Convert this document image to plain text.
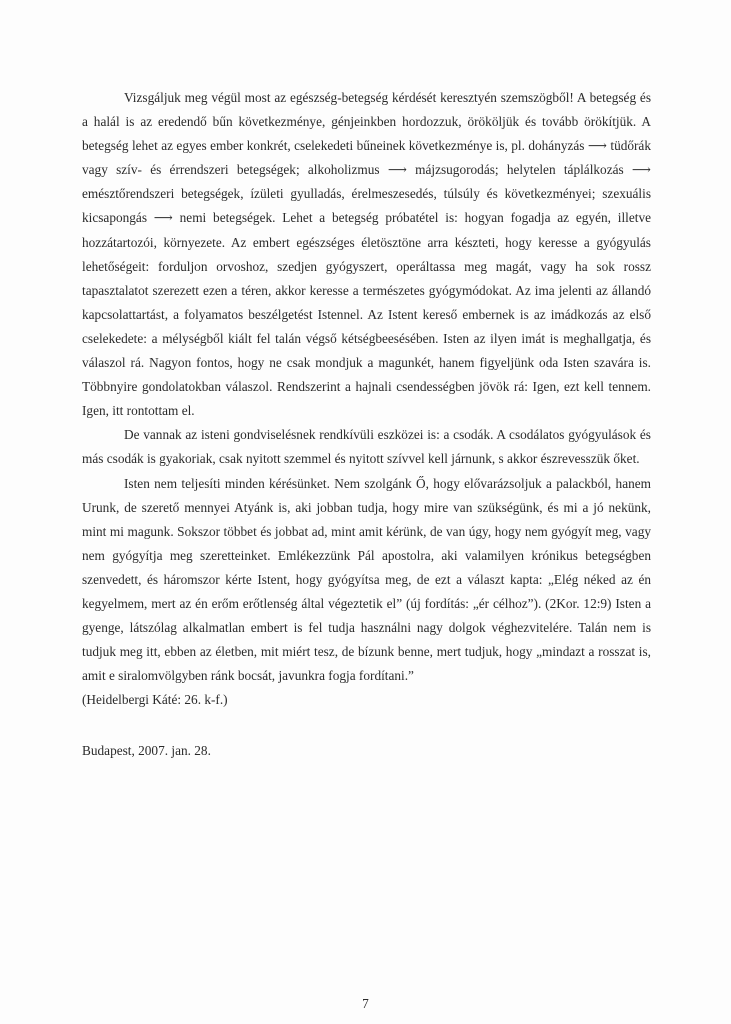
Vizsgáljuk meg végül most az egészség-betegség kérdését keresztyén szemszögből! A betegség és a halál is az eredendő bűn következménye, génjeinkben hordozzuk, örököljük és tovább örökítjük. A betegség lehet az egyes ember konkrét, cselekedeti bűneinek következménye is, pl. dohányzás ⟶ tüdőrák vagy szív- és érrendszeri betegségek; alkoholizmus ⟶ májzsugorodás; helytelen táplálkozás ⟶ emésztőrendszeri betegségek, ízületi gyulladás, érelmeszesedés, túlsúly és következményei; szexuális kicsapongás ⟶ nemi betegségek. Lehet a betegség próbatétel is: hogyan fogadja az egyén, illetve hozzátartozói, környezete. Az embert egészséges életösztöne arra készteti, hogy keresse a gyógyulás lehetőségeit: forduljon orvoshoz, szedjen gyógyszert, operáltassa meg magát, vagy ha sok rossz tapasztalatot szerezett ezen a téren, akkor keresse a természetes gyógymódokat. Az ima jelenti az állandó kapcsolattartást, a folyamatos beszélgetést Istennel. Az Istent kereső embernek is az imádkozás az első cselekedete: a mélységből kiált fel talán végső kétségbeesésében. Isten az ilyen imát is meghallgatja, és válaszol rá. Nagyon fontos, hogy ne csak mondjuk a magunkét, hanem figyeljünk oda Isten szavára is. Többnyire gondolatokban válaszol. Rendszerint a hajnali csendességben jövök rá: Igen, ezt kell tennem. Igen, itt rontottam el.

De vannak az isteni gondviselésnek rendkívüli eszközei is: a csodák. A csodálatos gyógyulások és más csodák is gyakoriak, csak nyitott szemmel és nyitott szívvel kell járnunk, s akkor észrevesszük őket.

Isten nem teljesíti minden kérésünket. Nem szolgánk Ő, hogy elővarázsoljuk a palackból, hanem Urunk, de szerető mennyei Atyánk is, aki jobban tudja, hogy mire van szükségünk, és mi a jó nekünk, mint mi magunk. Sokszor többet és jobbat ad, mint amit kérünk, de van úgy, hogy nem gyógyít meg, vagy nem gyógyítja meg szeretteinket. Emlékezzünk Pál apostolra, aki valamilyen krónikus betegségben szenvedett, és háromszor kérte Istent, hogy gyógyítsa meg, de ezt a választ kapta: „Elég néked az én kegyelmem, mert az én erőm erőtlenség által végeztetik el” (új fordítás: „ér célhoz”). (2Kor. 12:9) Isten a gyenge, látszólag alkalmatlan embert is fel tudja használni nagy dolgok véghezvitelére. Talán nem is tudjuk meg itt, ebben az életben, mit miért tesz, de bízunk benne, mert tudjuk, hogy „mindazt a rosszat is, amit e siralomvölgyben ránk bocsát, javunkra fogja fordítani.”

(Heidelbergi Káté: 26. k-f.)

Budapest, 2007. jan. 28.

7
